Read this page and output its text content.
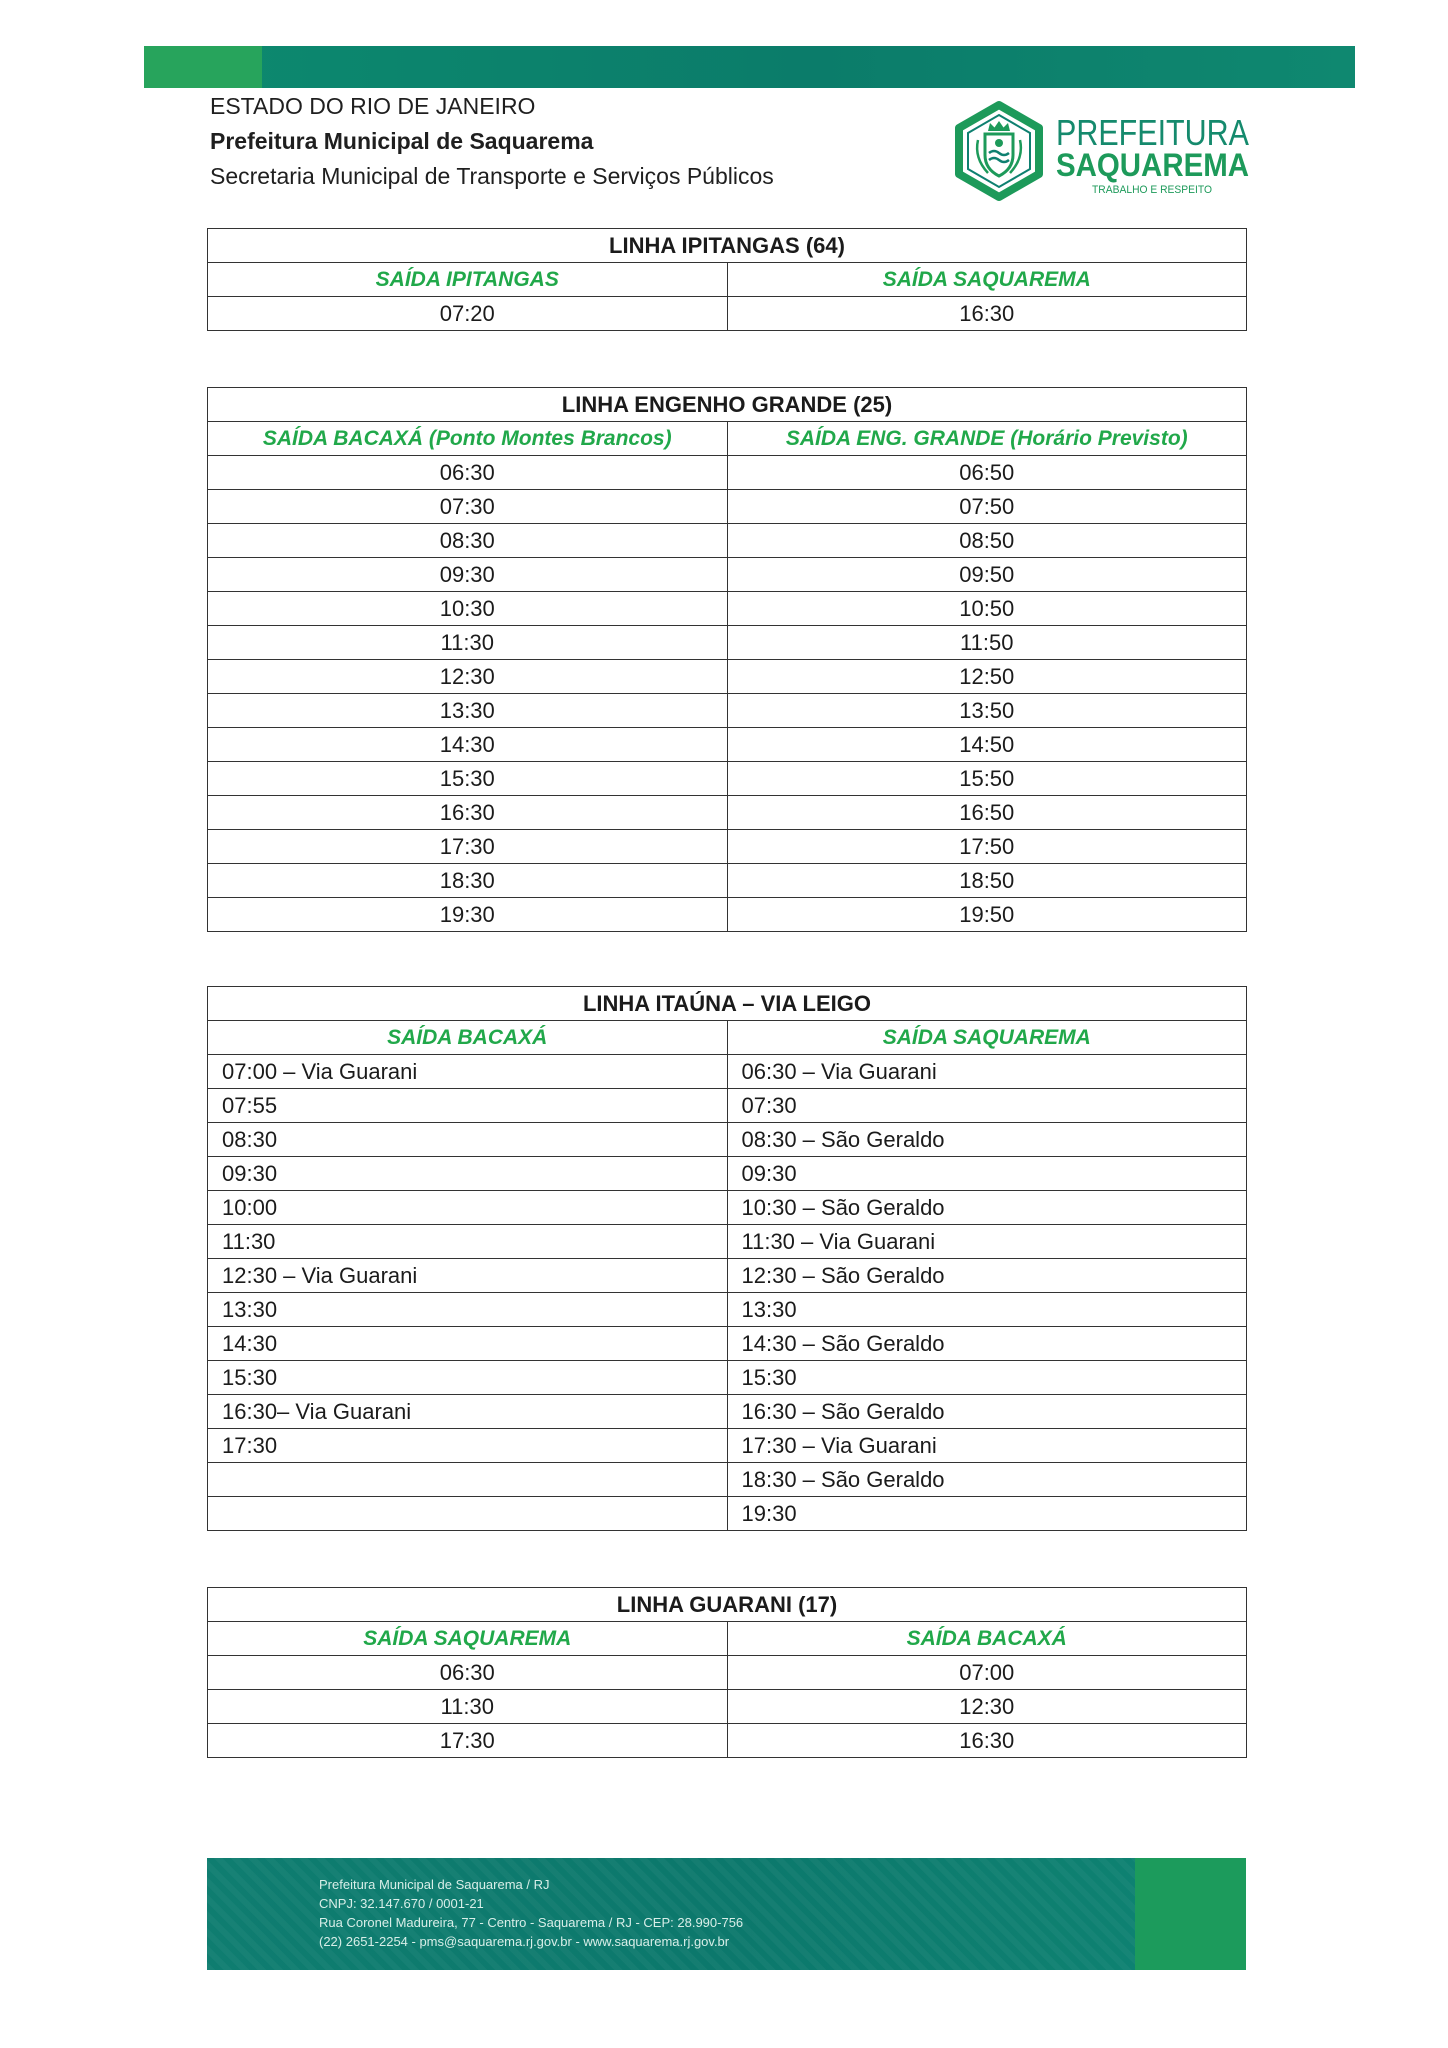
ESTADO DO RIO DE JANEIRO
Prefeitura Municipal de Saquarema
Secretaria Municipal de Transporte e Serviços Públicos
PREFEITURA
SAQUAREMA
TRABALHO E RESPEITO
LINHA IPITANGAS (64)	
SAÍDA IPITANGAS	SAÍDA SAQUAREMA
07:20	16:30
LINHA ENGENHO GRANDE (25)	
SAÍDA BACAXÁ (Ponto Montes Brancos)	SAÍDA ENG. GRANDE (Horário Previsto)
06:30	06:50
07:30	07:50
08:30	08:50
09:30	09:50
10:30	10:50
11:30	11:50
12:30	12:50
13:30	13:50
14:30	14:50
15:30	15:50
16:30	16:50
17:30	17:50
18:30	18:50
19:30	19:50
LINHA ITAÚNA – VIA LEIGO	
SAÍDA BACAXÁ	SAÍDA SAQUAREMA
07:00 – Via Guarani	06:30 – Via Guarani
07:55	07:30
08:30	08:30 – São Geraldo
09:30	09:30
10:00	10:30 – São Geraldo
11:30	11:30 – Via Guarani
12:30 – Via Guarani	12:30 – São Geraldo
13:30	13:30
14:30	14:30 – São Geraldo
15:30	15:30
16:30– Via Guarani	16:30 – São Geraldo
17:30	17:30 – Via Guarani
	18:30 – São Geraldo
	19:30
LINHA GUARANI (17)	
SAÍDA SAQUAREMA	SAÍDA BACAXÁ
06:30	07:00
11:30	12:30
17:30	16:30
Prefeitura Municipal de Saquarema / RJ
CNPJ: 32.147.670 / 0001-21
Rua Coronel Madureira, 77 - Centro - Saquarema / RJ - CEP: 28.990-756
(22) 2651-2254 - pms@saquarema.rj.gov.br - www.saquarema.rj.gov.br
